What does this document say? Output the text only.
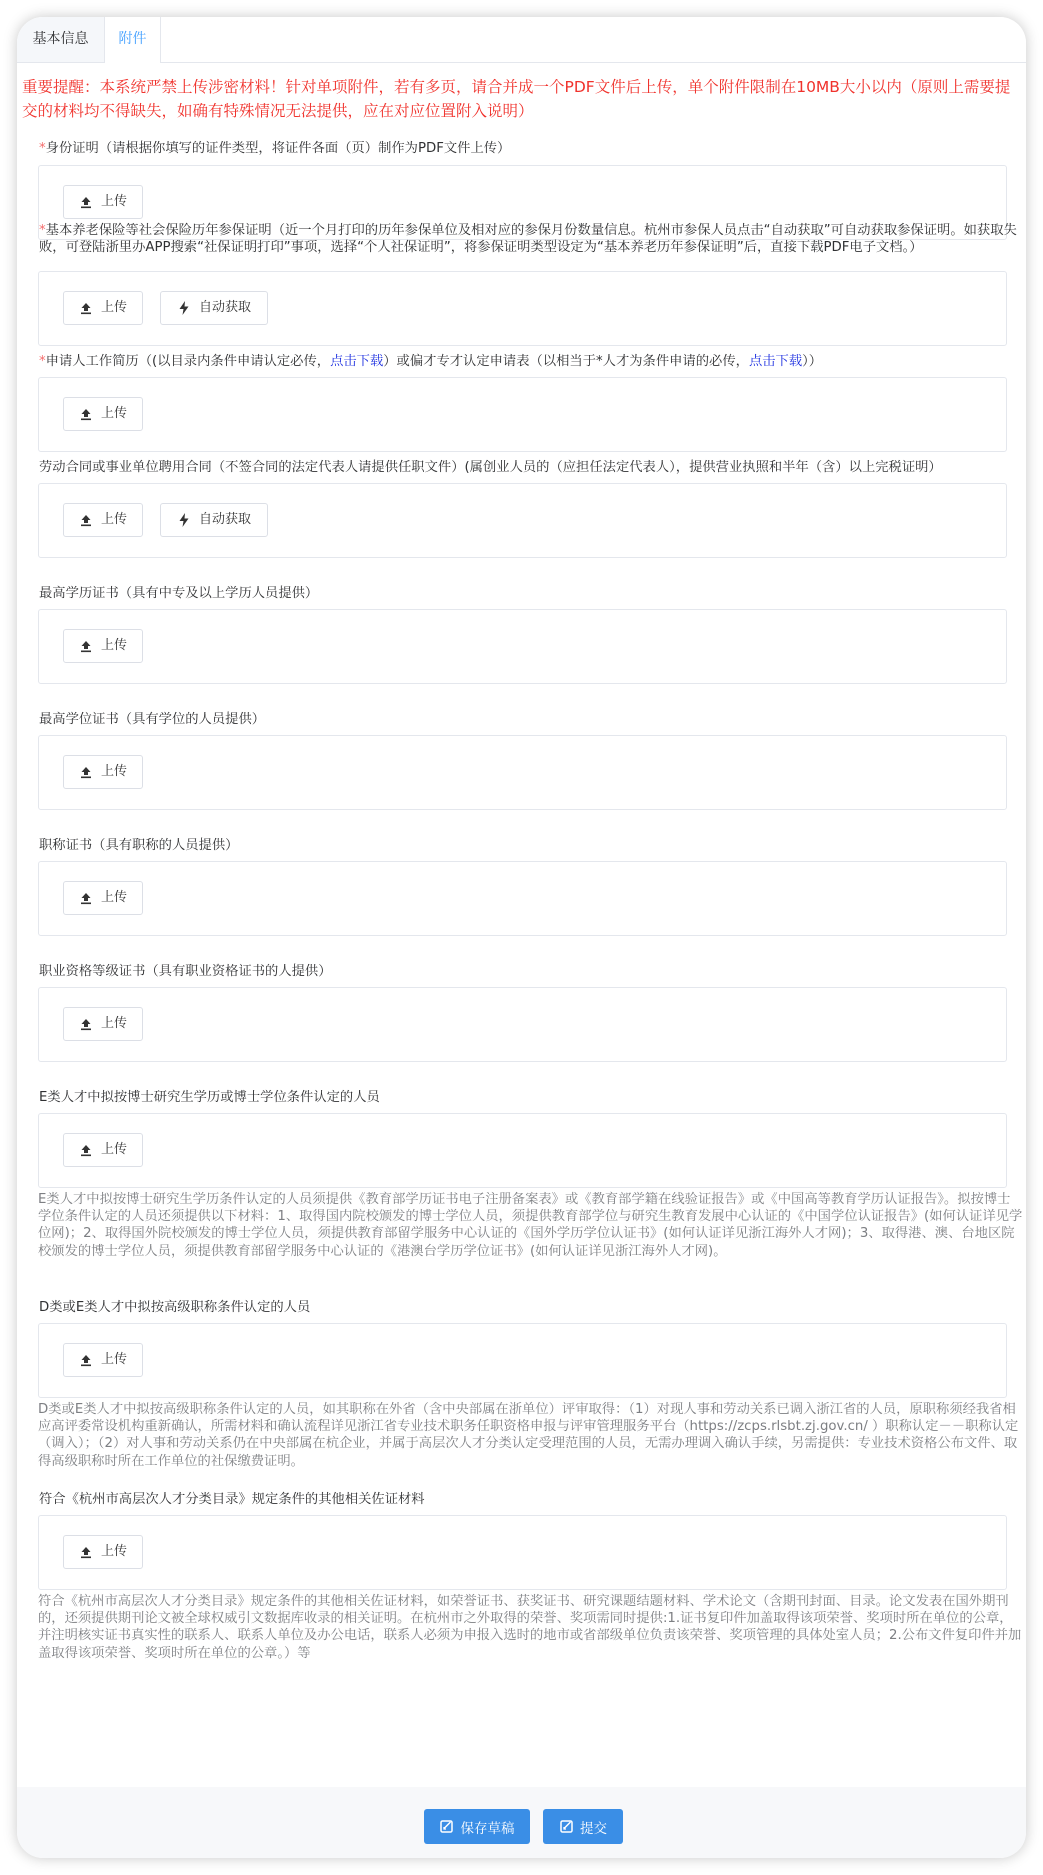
基本信息	附件
重要提醒：本系统严禁上传涉密材料！针对单项附件，若有多页，请合并成一个PDF文件后上传，单个附件限制在10MB大小以内（原则上需要提交的材料均不得缺失，如确有特殊情况无法提供，应在对应位置附入说明）
*身份证明（请根据你填写的证件类型，将证件各面（页）制作为PDF文件上传）
上传
*基本养老保险等社会保险历年参保证明（近一个月打印的历年参保单位及相对应的参保月份数量信息。杭州市参保人员点击“自动获取”可自动获取参保证明。如获取失败，可登陆浙里办APP搜索“社保证明打印”事项，选择“个人社保证明”，将参保证明类型设定为“基本养老历年参保证明”后，直接下载PDF电子文档。）
上传	自动获取
*申请人工作简历（(以目录内条件申请认定必传，点击下载）或偏才专才认定申请表（以相当于*人才为条件申请的必传，点击下载））
上传
劳动合同或事业单位聘用合同（不签合同的法定代表人请提供任职文件）(属创业人员的（应担任法定代表人），提供营业执照和半年（含）以上完税证明）
上传	自动获取
最高学历证书（具有中专及以上学历人员提供）
上传
最高学位证书（具有学位的人员提供）
上传
职称证书（具有职称的人员提供）
上传
职业资格等级证书（具有职业资格证书的人提供）
上传
E类人才中拟按博士研究生学历或博士学位条件认定的人员
上传
E类人才中拟按博士研究生学历条件认定的人员须提供《教育部学历证书电子注册备案表》或《教育部学籍在线验证报告》或《中国高等教育学历认证报告》。拟按博士学位条件认定的人员还须提供以下材料：1、取得国内院校颁发的博士学位人员，须提供教育部学位与研究生教育发展中心认证的《中国学位认证报告》(如何认证详见学位网)；2、取得国外院校颁发的博士学位人员，须提供教育部留学服务中心认证的《国外学历学位认证书》(如何认证详见浙江海外人才网)；3、取得港、澳、台地区院校颁发的博士学位人员，须提供教育部留学服务中心认证的《港澳台学历学位证书》(如何认证详见浙江海外人才网)。
D类或E类人才中拟按高级职称条件认定的人员
上传
D类或E类人才中拟按高级职称条件认定的人员，如其职称在外省（含中央部属在浙单位）评审取得：（1）对现人事和劳动关系已调入浙江省的人员，原职称须经我省相应高评委常设机构重新确认，所需材料和确认流程详见浙江省专业技术职务任职资格申报与评审管理服务平台（https://zcps.rlsbt.zj.gov.cn/ ）职称认定－－职称认定（调入）；（2）对人事和劳动关系仍在中央部属在杭企业，并属于高层次人才分类认定受理范围的人员，无需办理调入确认手续，另需提供：专业技术资格公布文件、取得高级职称时所在工作单位的社保缴费证明。
符合《杭州市高层次人才分类目录》规定条件的其他相关佐证材料
上传
符合《杭州市高层次人才分类目录》规定条件的其他相关佐证材料，如荣誉证书、获奖证书、研究课题结题材料、学术论文（含期刊封面、目录。论文发表在国外期刊的，还须提供期刊论文被全球权威引文数据库收录的相关证明。在杭州市之外取得的荣誉、奖项需同时提供:1.证书复印件加盖取得该项荣誉、奖项时所在单位的公章，并注明核实证书真实性的联系人、联系人单位及办公电话，联系人必须为申报入选时的地市或省部级单位负责该荣誉、奖项管理的具体处室人员；2.公布文件复印件并加盖取得该项荣誉、奖项时所在单位的公章。）等
保存草稿	提交
